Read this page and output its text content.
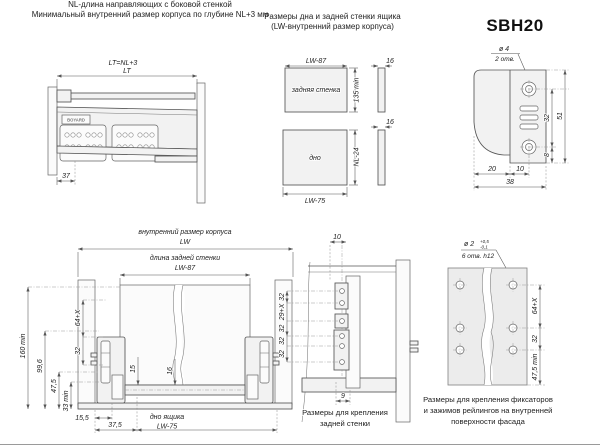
NL-длина направляющих с боковой стенкой
Минимальный внутренний размер корпуса по глубине NL+3 мм
Размеры дна и задней стенки ящика
(LW-внутренний размер корпуса)	SBH20
LT=NL+3
LT
BOYARD
37
задняя стенка
LW-87
135 min
16
дно	NL-24
LW-75
16
ø 4
2 отв.
32
8
51
20	10
38
внутренний размер корпуса
LW
длина задней стенки
LW-87
160 min
99,6
47,5
33 min
64+X
32
15	16
15,5
37,5
дно ящика
LW-75
10
32
29+X
32
32
32
9
Размеры для крепления
задней стенки
ø 2 +0,5
-0,1
6 отв. h12
64+X
32
47,5 min
Размеры для крепления фиксаторов
и зажимов рейлингов на внутренней
поверхности фасада
